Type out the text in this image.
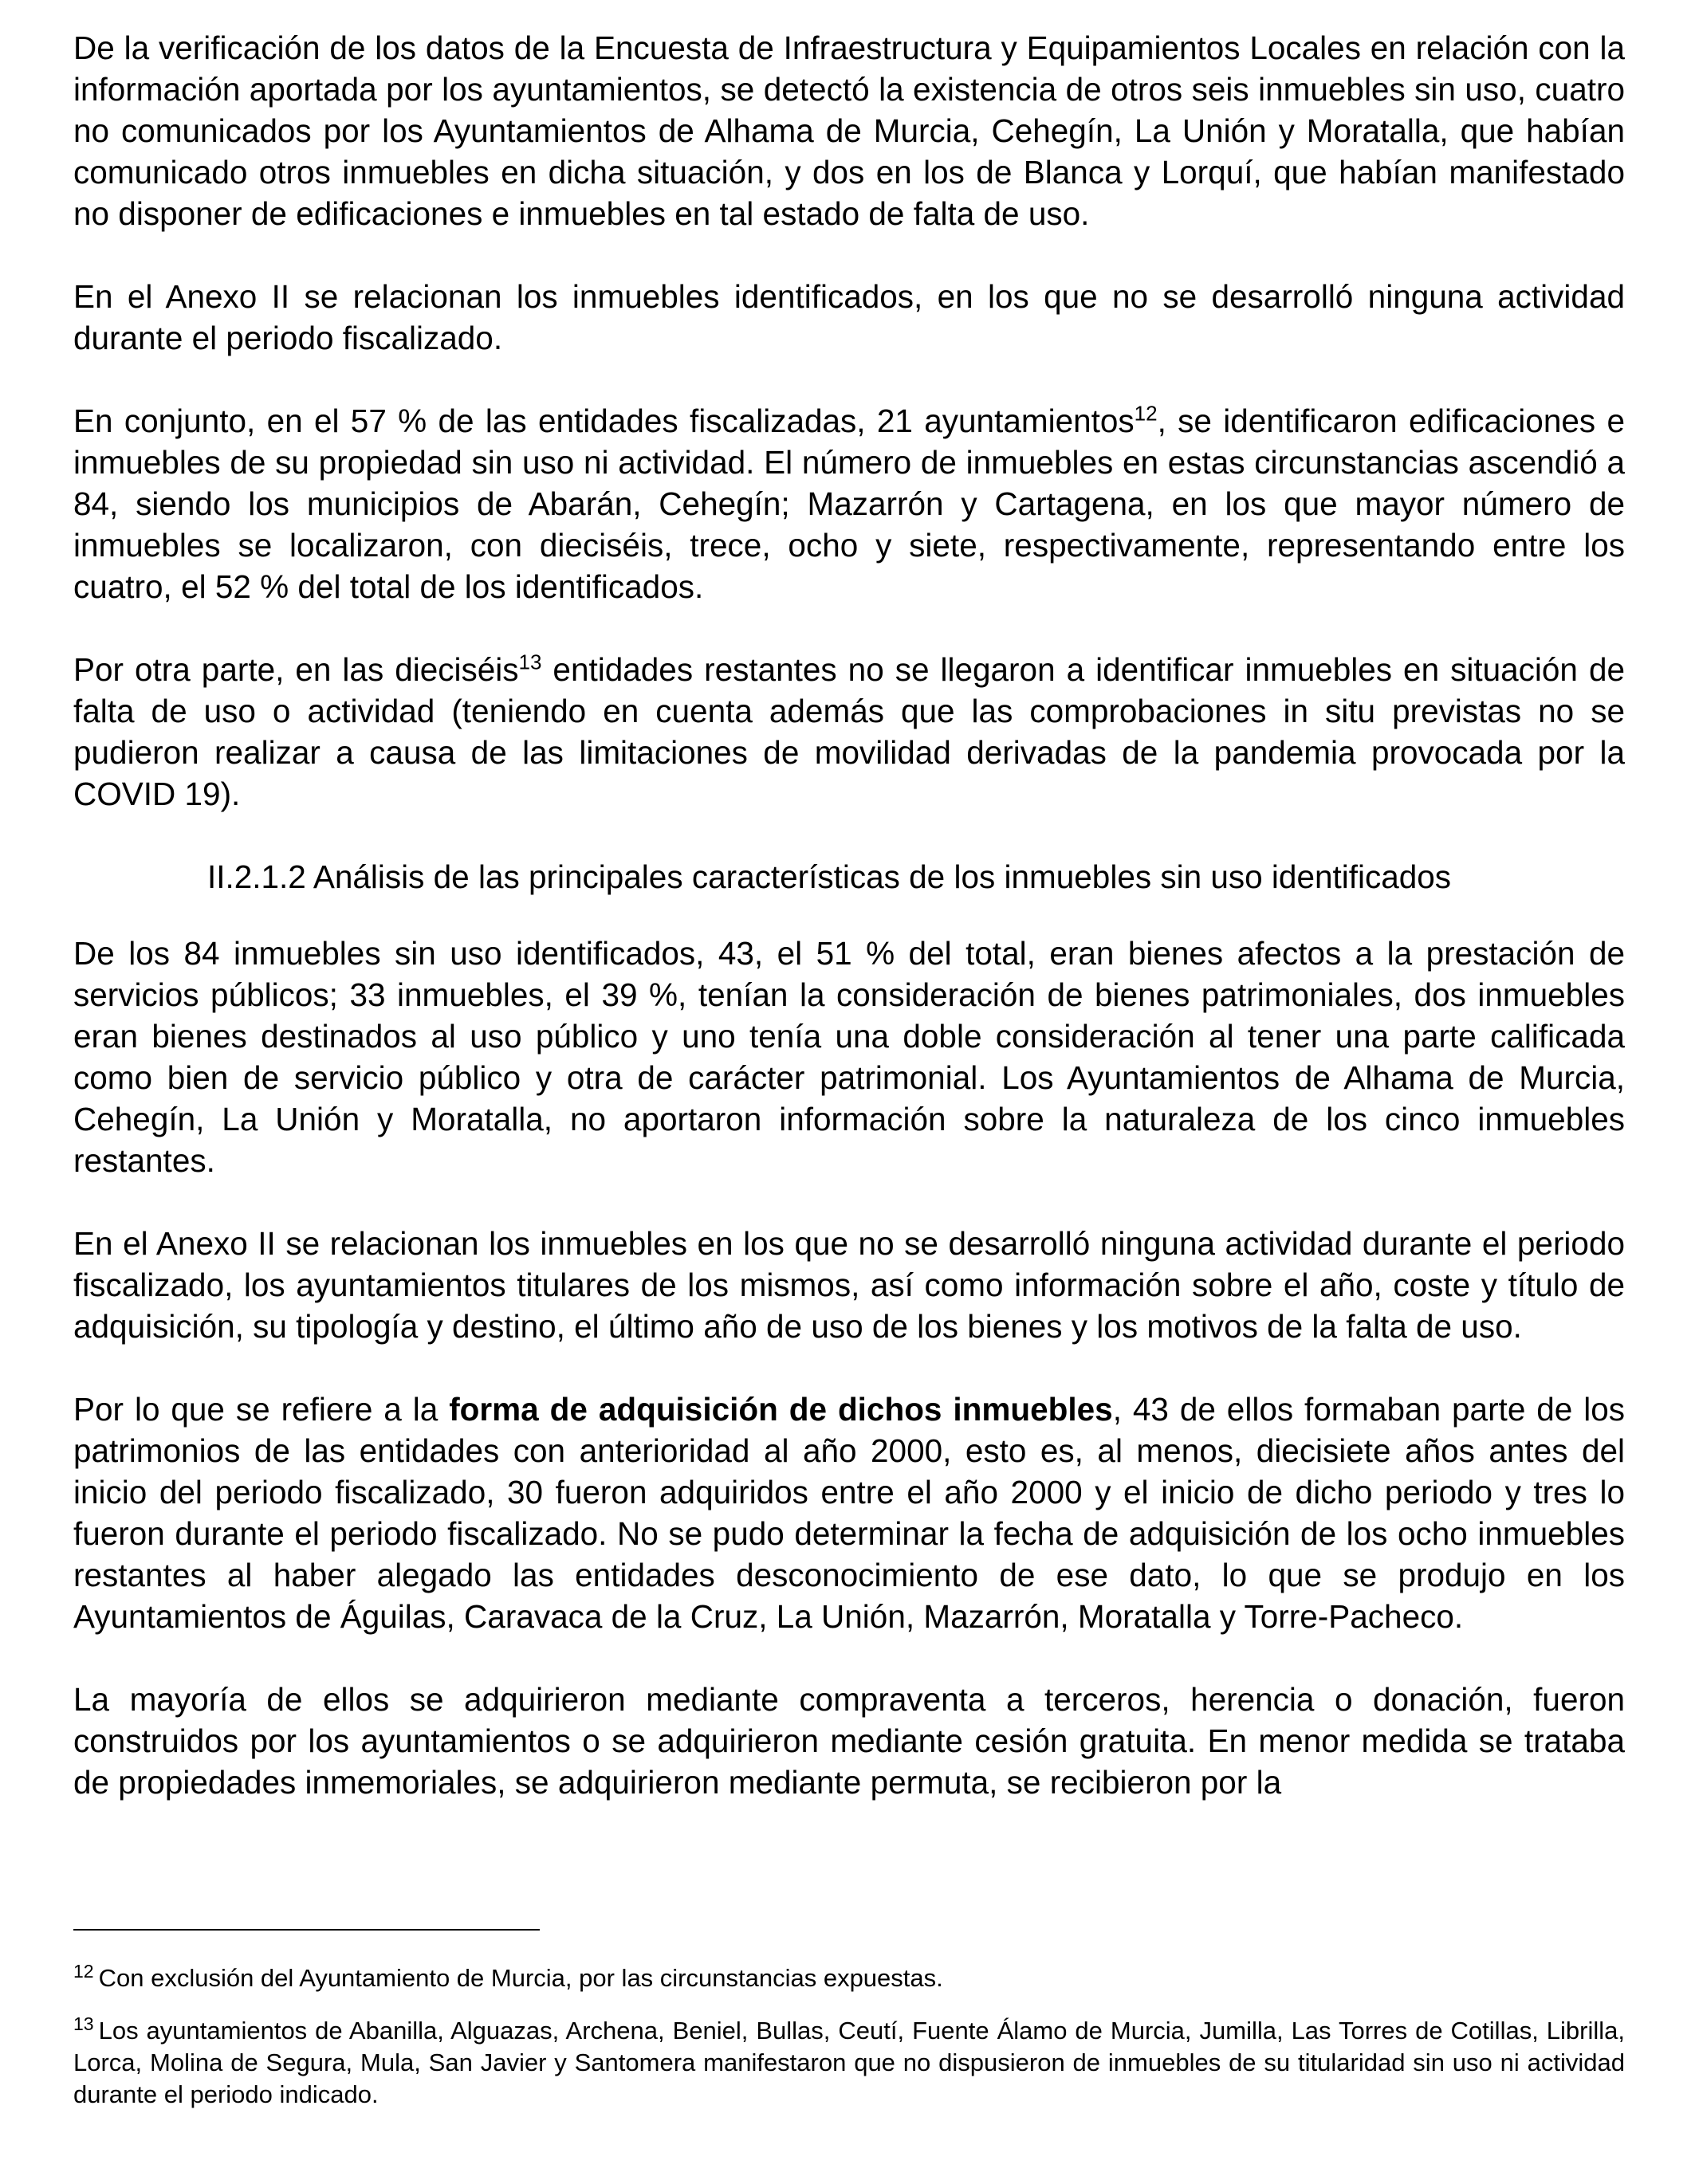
De la verificación de los datos de la Encuesta de Infraestructura y Equipamientos Locales en relación con la información aportada por los ayuntamientos, se detectó la existencia de otros seis inmuebles sin uso, cuatro no comunicados por los Ayuntamientos de Alhama de Murcia, Cehegín, La Unión y Moratalla, que habían comunicado otros inmuebles en dicha situación, y dos en los de Blanca y Lorquí, que habían manifestado no disponer de edificaciones e inmuebles en tal estado de falta de uso.

En el Anexo II se relacionan los inmuebles identificados, en los que no se desarrolló ninguna actividad durante el periodo fiscalizado.

En conjunto, en el 57 % de las entidades fiscalizadas, 21 ayuntamientos$^{12}$, se identificaron edificaciones e inmuebles de su propiedad sin uso ni actividad. El número de inmuebles en estas circunstancias ascendió a 84, siendo los municipios de Abarán, Cehegín; Mazarrón y Cartagena, en los que mayor número de inmuebles se localizaron, con dieciséis, trece, ocho y siete, respectivamente, representando entre los cuatro, el 52 % del total de los identificados.

Por otra parte, en las dieciséis$^{13}$ entidades restantes no se llegaron a identificar inmuebles en situación de falta de uso o actividad (teniendo en cuenta además que las comprobaciones in situ previstas no se pudieron realizar a causa de las limitaciones de movilidad derivadas de la pandemia provocada por la COVID 19).

II.2.1.2 Análisis de las principales características de los inmuebles sin uso identificados

De los 84 inmuebles sin uso identificados, 43, el 51 % del total, eran bienes afectos a la prestación de servicios públicos; 33 inmuebles, el 39 %, tenían la consideración de bienes patrimoniales, dos inmuebles eran bienes destinados al uso público y uno tenía una doble consideración al tener una parte calificada como bien de servicio público y otra de carácter patrimonial. Los Ayuntamientos de Alhama de Murcia, Cehegín, La Unión y Moratalla, no aportaron información sobre la naturaleza de los cinco inmuebles restantes.

En el Anexo II se relacionan los inmuebles en los que no se desarrolló ninguna actividad durante el periodo fiscalizado, los ayuntamientos titulares de los mismos, así como información sobre el año, coste y título de adquisición, su tipología y destino, el último año de uso de los bienes y los motivos de la falta de uso.

Por lo que se refiere a la forma de adquisición de dichos inmuebles, 43 de ellos formaban parte de los patrimonios de las entidades con anterioridad al año 2000, esto es, al menos, diecisiete años antes del inicio del periodo fiscalizado, 30 fueron adquiridos entre el año 2000 y el inicio de dicho periodo y tres lo fueron durante el periodo fiscalizado. No se pudo determinar la fecha de adquisición de los ocho inmuebles restantes al haber alegado las entidades desconocimiento de ese dato, lo que se produjo en los Ayuntamientos de Águilas, Caravaca de la Cruz, La Unión, Mazarrón, Moratalla y Torre-Pacheco.

La mayoría de ellos se adquirieron mediante compraventa a terceros, herencia o donación, fueron construidos por los ayuntamientos o se adquirieron mediante cesión gratuita. En menor medida se trataba de propiedades inmemoriales, se adquirieron mediante permuta, se recibieron por la

$^{12}$ Con exclusión del Ayuntamiento de Murcia, por las circunstancias expuestas.

$^{13}$ Los ayuntamientos de Abanilla, Alguazas, Archena, Beniel, Bullas, Ceutí, Fuente Álamo de Murcia, Jumilla, Las Torres de Cotillas, Librilla, Lorca, Molina de Segura, Mula, San Javier y Santomera manifestaron que no dispusieron de inmuebles de su titularidad sin uso ni actividad durante el periodo indicado.
